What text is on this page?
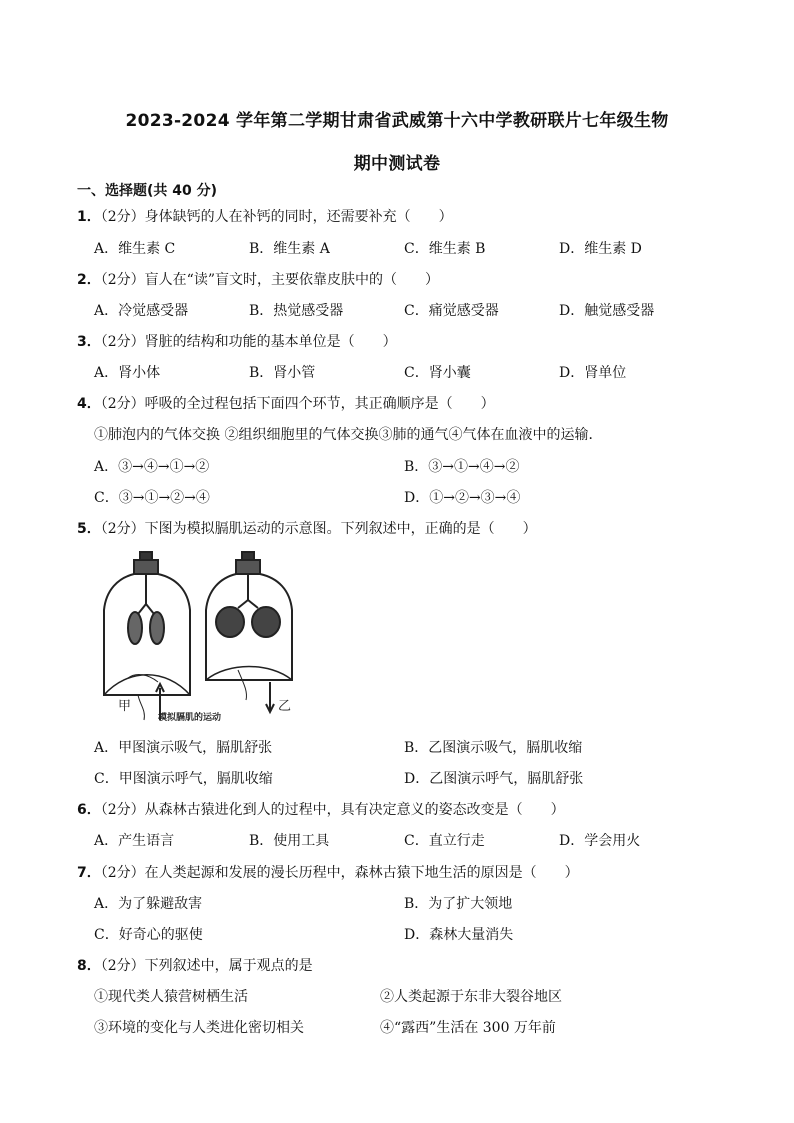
2023-2024 学年第二学期甘肃省武威第十六中学教研联片七年级生物
期中测试卷
一、选择题(共 40 分)
1．（2分）身体缺钙的人在补钙的同时，还需要补充（　　）
A．维生素 C	B．维生素 A	C．维生素 B	D．维生素 D
2．（2分）盲人在“读”盲文时，主要依靠皮肤中的（　　）
A．冷觉感受器	B．热觉感受器	C．痛觉感受器	D．触觉感受器
3．（2分）肾脏的结构和功能的基本单位是（　　）
A．肾小体	B．肾小管	C．肾小囊	D．肾单位
4．（2分）呼吸的全过程包括下面四个环节，其正确顺序是（　　）
①肺泡内的气体交换 ②组织细胞里的气体交换③肺的通气④气体在血液中的运输．
A．③→④→①→②	B．③→①→④→②
C．③→①→②→④	D．①→②→③→④
5．（2分）下图为模拟膈肌运动的示意图。下列叙述中，正确的是（　　）
甲	乙
模拟膈肌的运动
A．甲图演示吸气，膈肌舒张	B．乙图演示吸气，膈肌收缩
C．甲图演示呼气，膈肌收缩	D．乙图演示呼气，膈肌舒张
6．（2分）从森林古猿进化到人的过程中，具有决定意义的姿态改变是（　　）
A．产生语言	B．使用工具	C．直立行走	D．学会用火
7．（2分）在人类起源和发展的漫长历程中，森林古猿下地生活的原因是（　　）
A．为了躲避敌害	B．为了扩大领地
C．好奇心的驱使	D．森林大量消失
8．（2分）下列叙述中，属于观点的是
①现代类人猿营树栖生活	②人类起源于东非大裂谷地区
③环境的变化与人类进化密切相关	④“露西”生活在 300 万年前
